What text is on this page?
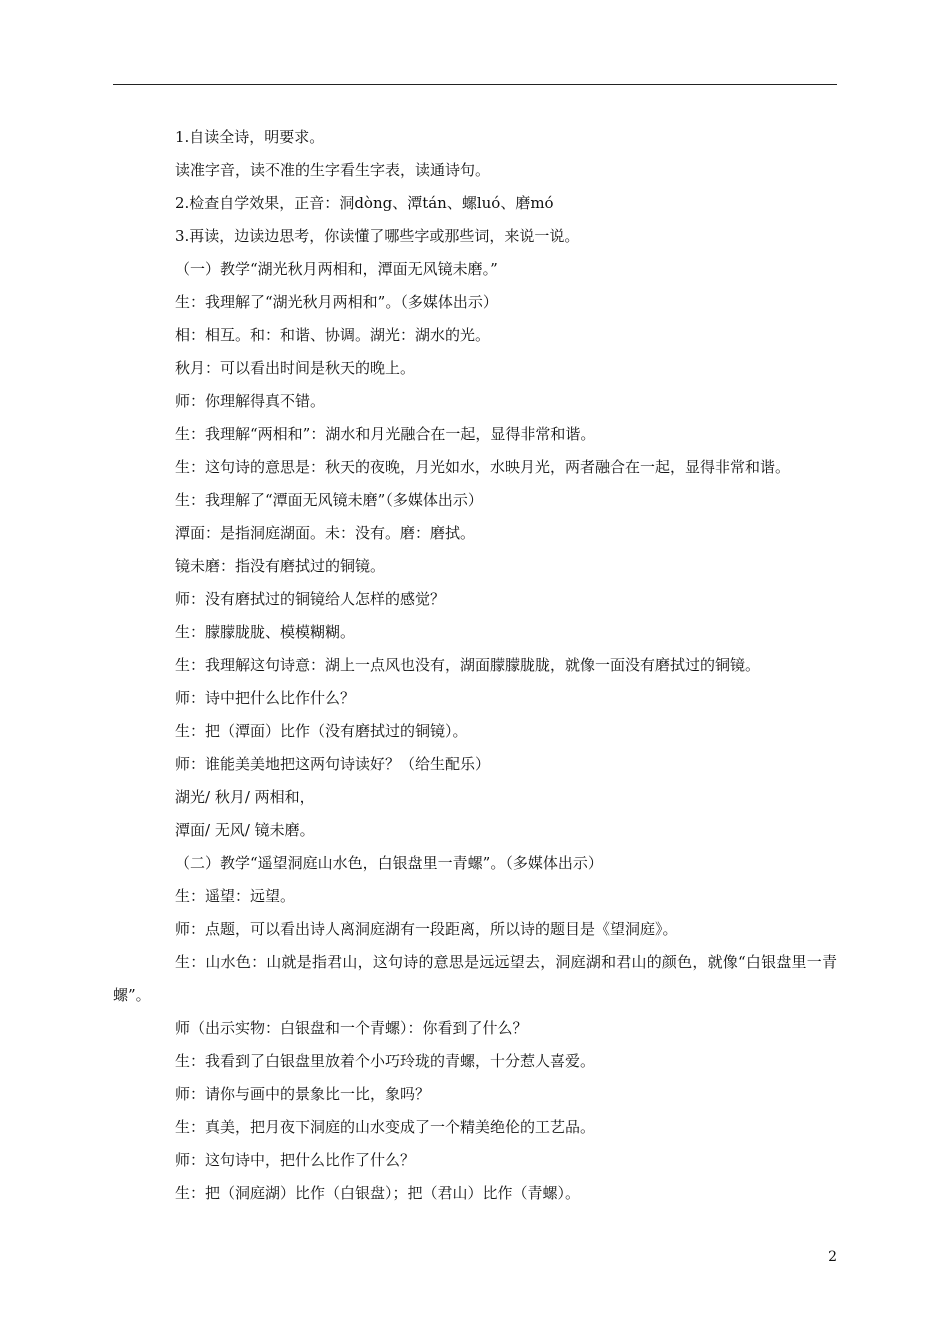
1.自读全诗，明要求。

读准字音，读不准的生字看生字表，读通诗句。

2.检查自学效果，正音：洞dòng、潭tán、螺luó、磨mó

3.再读，边读边思考，你读懂了哪些字或那些词，来说一说。

（一）教学“湖光秋月两相和，潭面无风镜未磨。”

生：我理解了“湖光秋月两相和”。（多媒体出示）

相：相互。和：和谐、协调。湖光：湖水的光。

秋月：可以看出时间是秋天的晚上。

师：你理解得真不错。

生：我理解“两相和”：湖水和月光融合在一起，显得非常和谐。

生：这句诗的意思是：秋天的夜晚，月光如水，水映月光，两者融合在一起，显得非常和谐。

生：我理解了“潭面无风镜未磨”（多媒体出示）

潭面：是指洞庭湖面。未：没有。磨：磨拭。

镜未磨：指没有磨拭过的铜镜。

师：没有磨拭过的铜镜给人怎样的感觉？

生：朦朦胧胧、模模糊糊。

生：我理解这句诗意：湖上一点风也没有，湖面朦朦胧胧，就像一面没有磨拭过的铜镜。

师：诗中把什么比作什么？

生：把（潭面）比作（没有磨拭过的铜镜）。

师：谁能美美地把这两句诗读好？（给生配乐）

湖光/ 秋月/ 两相和，

潭面/ 无风/ 镜未磨。

（二）教学“遥望洞庭山水色，白银盘里一青螺”。（多媒体出示）

生：遥望：远望。

师：点题，可以看出诗人离洞庭湖有一段距离，所以诗的题目是《望洞庭》。

生：山水色：山就是指君山，这句诗的意思是远远望去，洞庭湖和君山的颜色，就像“白银盘里一青螺”。

师（出示实物：白银盘和一个青螺）：你看到了什么？

生：我看到了白银盘里放着个小巧玲珑的青螺，十分惹人喜爱。

师：请你与画中的景象比一比，象吗？

生：真美，把月夜下洞庭的山水变成了一个精美绝伦的工艺品。

师：这句诗中，把什么比作了什么？

生：把（洞庭湖）比作（白银盘）；把（君山）比作（青螺）。

2
